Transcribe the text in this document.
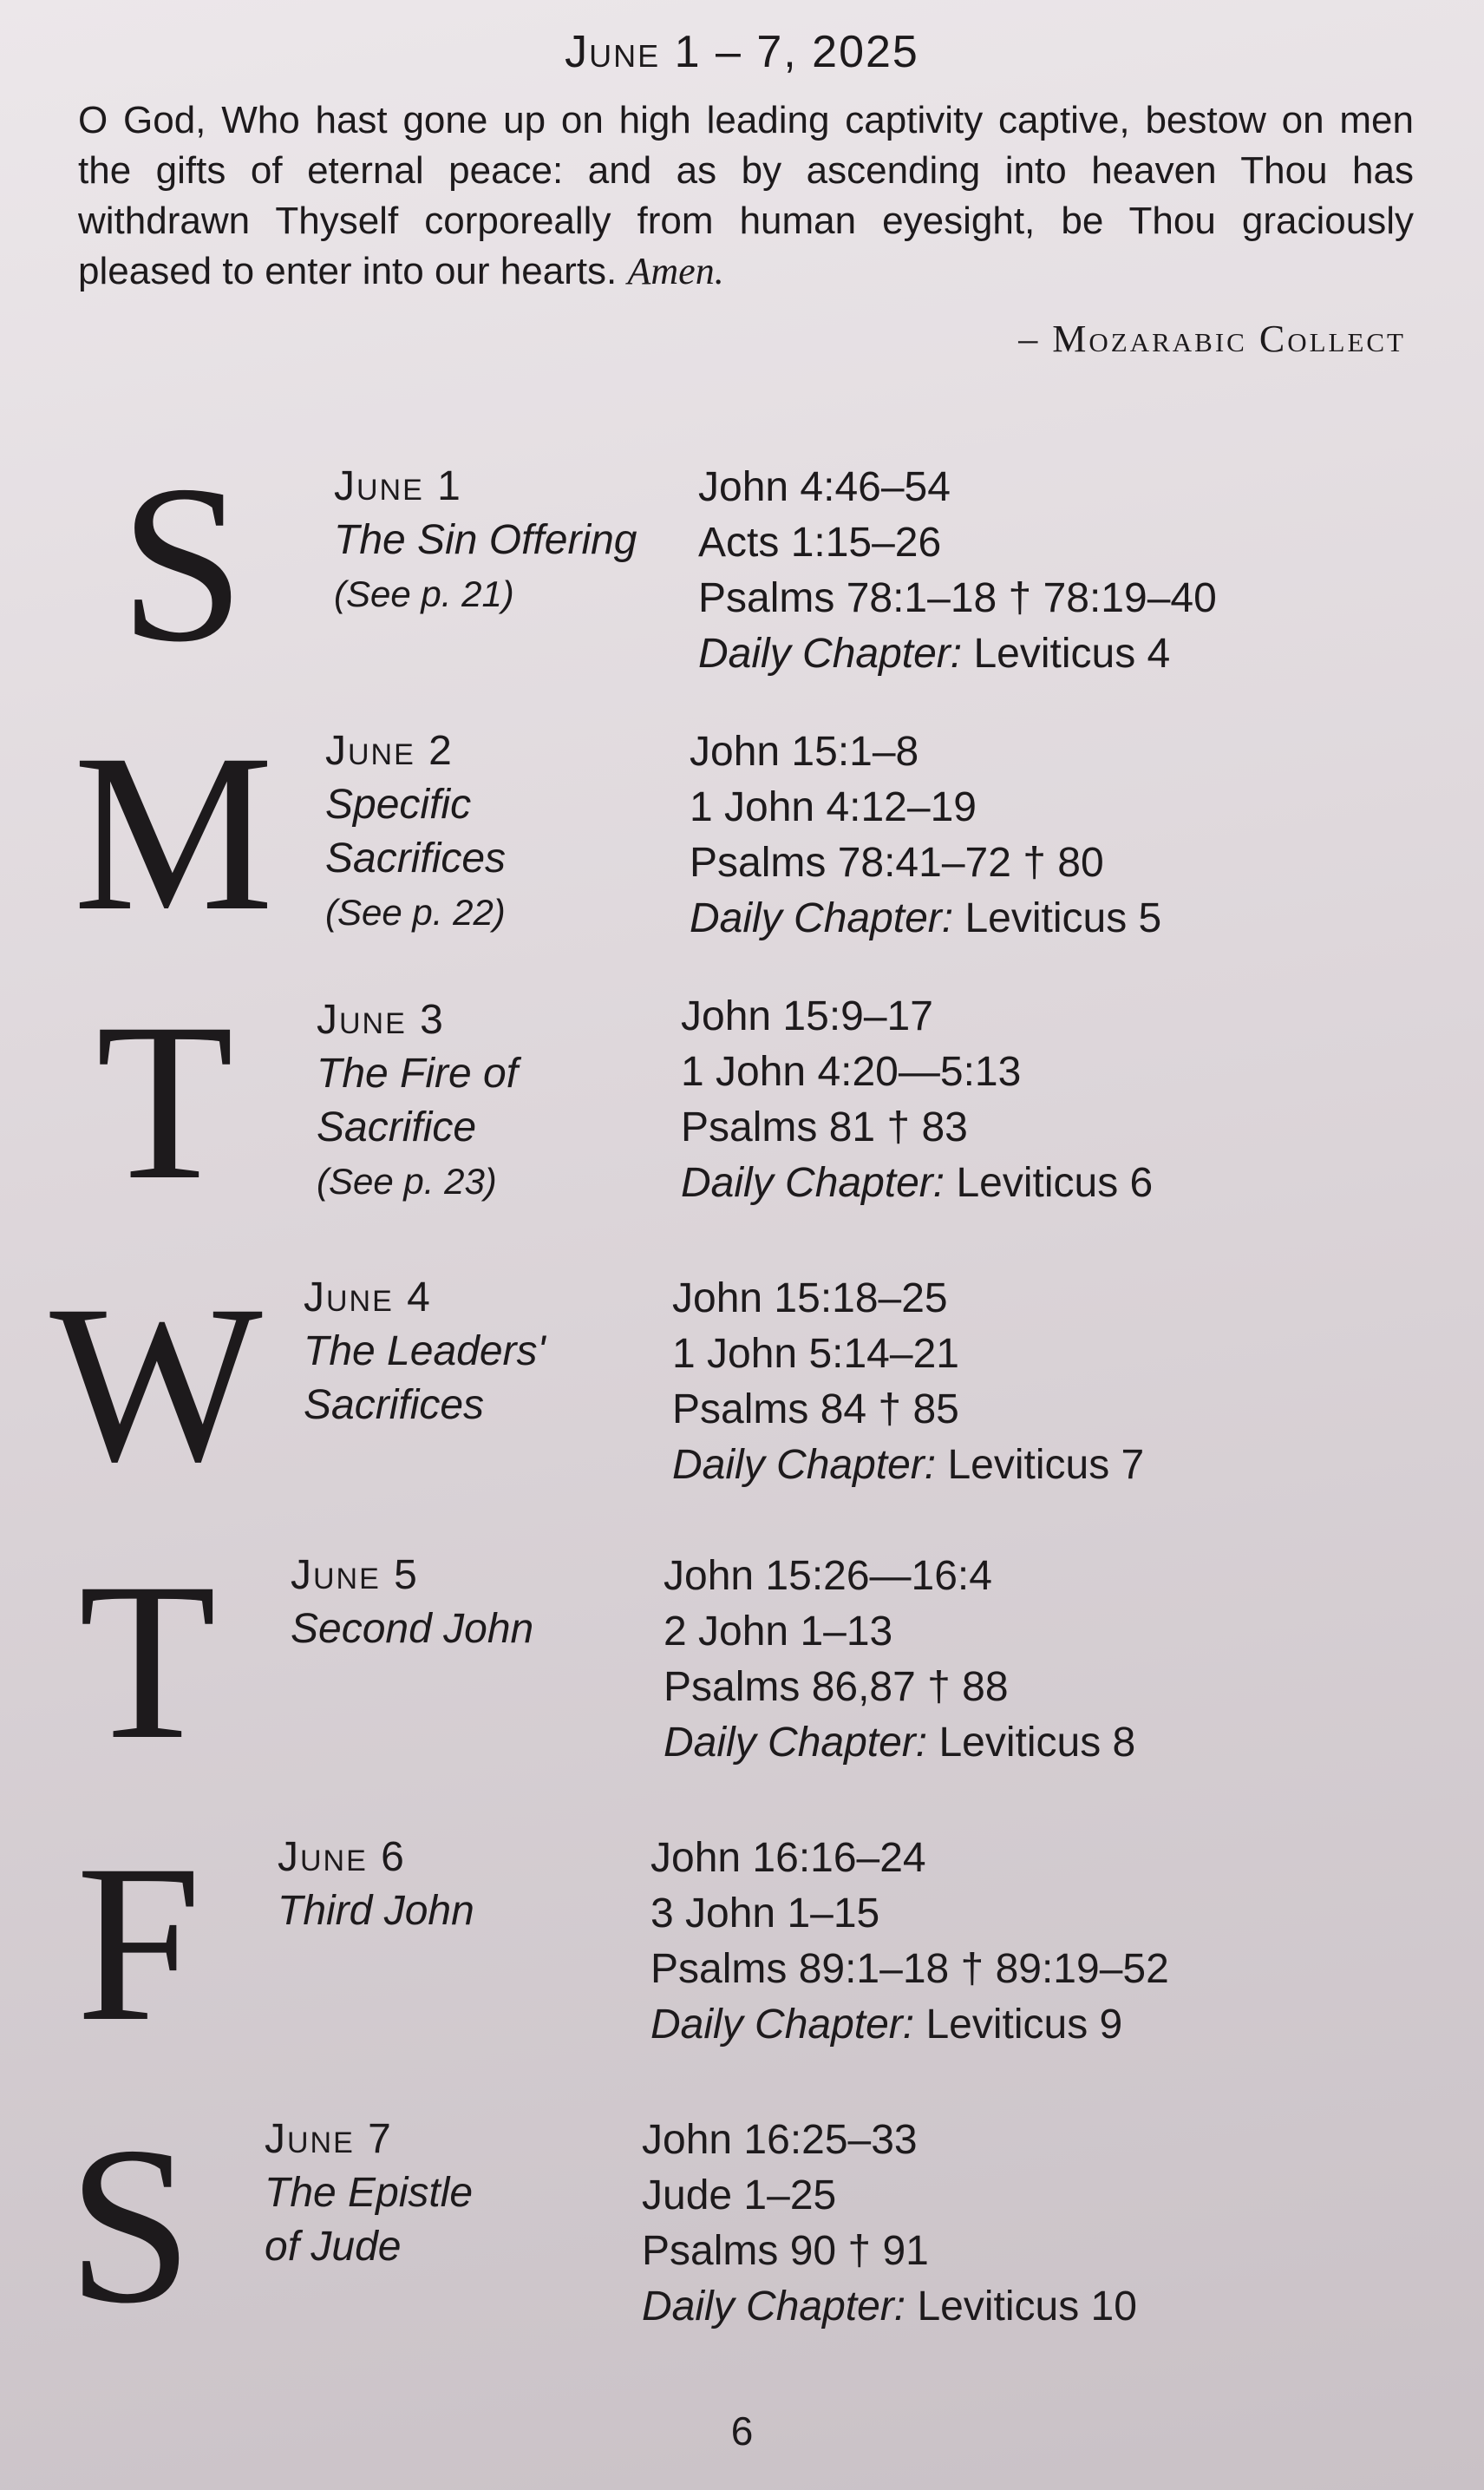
June 1 – 7, 2025
O God, Who hast gone up on high leading captivity captive, bestow on men the gifts of eternal peace: and as by ascending into heaven Thou has withdrawn Thyself corporeally from human eyesight, be Thou graciously pleased to enter into our hearts. Amen.
– Mozarabic Collect
S	June 1
The Sin Offering
(See p. 21)
John 4:46–54
Acts 1:15–26
Psalms 78:1–18 † 78:19–40
Daily Chapter: Leviticus 4
M	June 2
Specific
Sacrifices
(See p. 22)
John 15:1–8
1 John 4:12–19
Psalms 78:41–72 † 80
Daily Chapter: Leviticus 5
T	June 3
The Fire of
Sacrifice
(See p. 23)
John 15:9–17
1 John 4:20—5:13
Psalms 81 † 83
Daily Chapter: Leviticus 6
W June 4
The Leaders'
Sacrifices
John 15:18–25
1 John 5:14–21
Psalms 84 † 85
Daily Chapter: Leviticus 7
T	June 5
Second John
John 15:26—16:4
2 John 1–13
Psalms 86,87 † 88
Daily Chapter: Leviticus 8
F	June 6
Third John
John 16:16–24
3 John 1–15
Psalms 89:1–18 † 89:19–52
Daily Chapter: Leviticus 9
S	June 7
The Epistle
of Jude
John 16:25–33
Jude 1–25
Psalms 90 † 91
Daily Chapter: Leviticus 10
6
